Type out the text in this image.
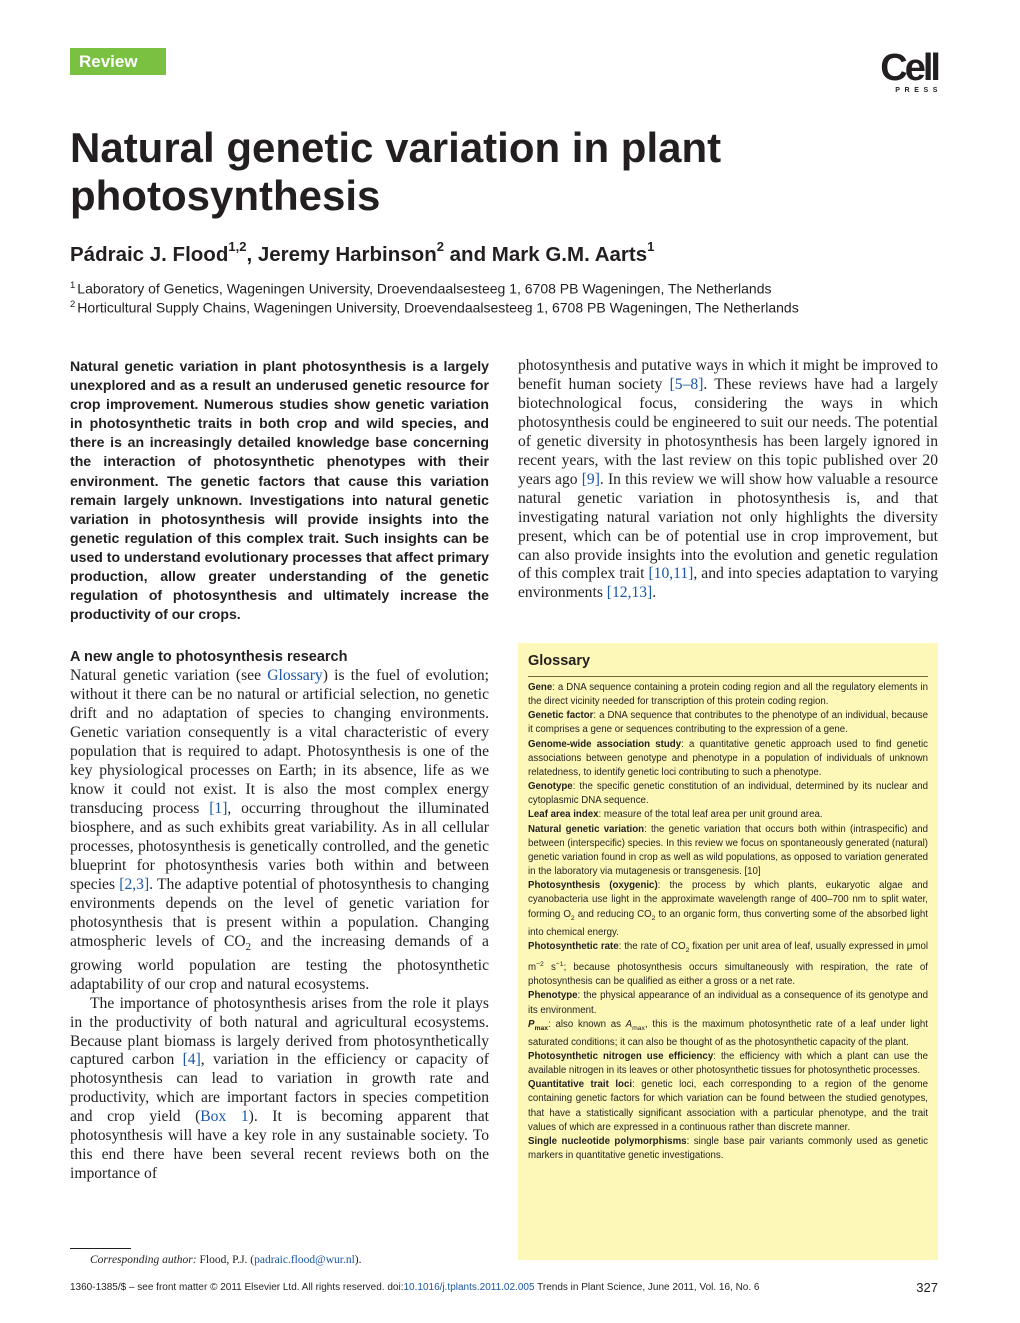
Review	Cell
PRESS
Natural genetic variation in plant photosynthesis
Pádraic J. Flood$^{1,2}$, Jeremy Harbinson$^2$ and Mark G.M. Aarts$^1$
$^1$ Laboratory of Genetics, Wageningen University, Droevendaalsesteeg 1, 6708 PB Wageningen, The Netherlands
$^2$ Horticultural Supply Chains, Wageningen University, Droevendaalsesteeg 1, 6708 PB Wageningen, The Netherlands

Natural genetic variation in plant photosynthesis is a largely unexplored and as a result an underused genetic resource for crop improvement. Numerous studies show genetic variation in photosynthetic traits in both crop and wild species, and there is an increasingly detailed knowledge base concerning the interaction of photosynthetic phenotypes with their environment. The genetic factors that cause this variation remain largely unknown. Investigations into natural genetic variation in photosynthesis will provide insights into the genetic regulation of this complex trait. Such insights can be used to understand evolutionary processes that affect primary production, allow greater understanding of the genetic regulation of photosynthesis and ultimately increase the productivity of our crops.

A new angle to photosynthesis research

Natural genetic variation (see Glossary) is the fuel of evolution; without it there can be no natural or artificial selection, no genetic drift and no adaptation of species to changing environments. Genetic variation consequently is a vital characteristic of every population that is required to adapt. Photosynthesis is one of the key physiological processes on Earth; in its absence, life as we know it could not exist. It is also the most complex energy transducing process [1], occurring throughout the illuminated biosphere, and as such exhibits great variability. As in all cellular processes, photosynthesis is genetically controlled, and the genetic blueprint for photosynthesis varies both within and between species [2,3]. The adaptive potential of photosynthesis to changing environments depends on the level of genetic variation for photosynthesis that is present within a population. Changing atmospheric levels of $CO_2$ and the increasing demands of a growing world population are testing the photosynthetic adaptability of our crop and natural ecosystems.

The importance of photosynthesis arises from the role it plays in the productivity of both natural and agricultural ecosystems. Because plant biomass is largely derived from photosynthetically captured carbon [4], variation in the efficiency or capacity of photosynthesis can lead to variation in growth rate and productivity, which are important factors in species competition and crop yield (Box 1). It is becoming apparent that photosynthesis will have a key role in any sustainable society. To this end there have been several recent reviews both on the importance of

photosynthesis and putative ways in which it might be improved to benefit human society [5–8]. These reviews have had a largely biotechnological focus, considering the ways in which photosynthesis could be engineered to suit our needs. The potential of genetic diversity in photosynthesis has been largely ignored in recent years, with the last review on this topic published over 20 years ago [9]. In this review we will show how valuable a resource natural genetic variation in photosynthesis is, and that investigating natural variation not only highlights the diversity present, which can be of potential use in crop improvement, but can also provide insights into the evolution and genetic regulation of this complex trait [10,11], and into species adaptation to varying environments [12,13].

Glossary

Gene: a DNA sequence containing a protein coding region and all the regulatory elements in the direct vicinity needed for transcription of this protein coding region.

Genetic factor: a DNA sequence that contributes to the phenotype of an individual, because it comprises a gene or sequences contributing to the expression of a gene.

Genome-wide association study: a quantitative genetic approach used to find genetic associations between genotype and phenotype in a population of individuals of unknown relatedness, to identify genetic loci contributing to such a phenotype.

Genotype: the specific genetic constitution of an individual, determined by its nuclear and cytoplasmic DNA sequence.

Leaf area index: measure of the total leaf area per unit ground area.

Natural genetic variation: the genetic variation that occurs both within (intraspecific) and between (interspecific) species. In this review we focus on spontaneously generated (natural) genetic variation found in crop as well as wild populations, as opposed to variation generated in the laboratory via mutagenesis or transgenesis. [10]

Photosynthesis (oxygenic): the process by which plants, eukaryotic algae and cyanobacteria use light in the approximate wavelength range of 400–700 nm to split water, forming $O_2$ and reducing $CO_2$ to an organic form, thus converting some of the absorbed light into chemical energy.

Photosynthetic rate: the rate of $CO_2$ fixation per unit area of leaf, usually expressed in μmol $m^{-2}$ $s^{-1}$; because photosynthesis occurs simultaneously with respiration, the rate of photosynthesis can be qualified as either a gross or a net rate.

Phenotype: the physical appearance of an individual as a consequence of its genotype and its environment.

$P_{max}$: also known as $A_{max}$, this is the maximum photosynthetic rate of a leaf under light saturated conditions; it can also be thought of as the photosynthetic capacity of the plant.

Photosynthetic nitrogen use efficiency: the efficiency with which a plant can use the available nitrogen in its leaves or other photosynthetic tissues for photosynthetic processes.

Quantitative trait loci: genetic loci, each corresponding to a region of the genome containing genetic factors for which variation can be found between the studied genotypes, that have a statistically significant association with a particular phenotype, and the trait values of which are expressed in a continuous rather than discrete manner.

Single nucleotide polymorphisms: single base pair variants commonly used as genetic markers in quantitative genetic investigations.

Corresponding author: Flood, P.J. (padraic.flood@wur.nl).
1360-1385/$ – see front matter © 2011 Elsevier Ltd. All rights reserved. doi:10.1016/j.tplants.2011.02.005 Trends in Plant Science, June 2011, Vol. 16, No. 6	327
